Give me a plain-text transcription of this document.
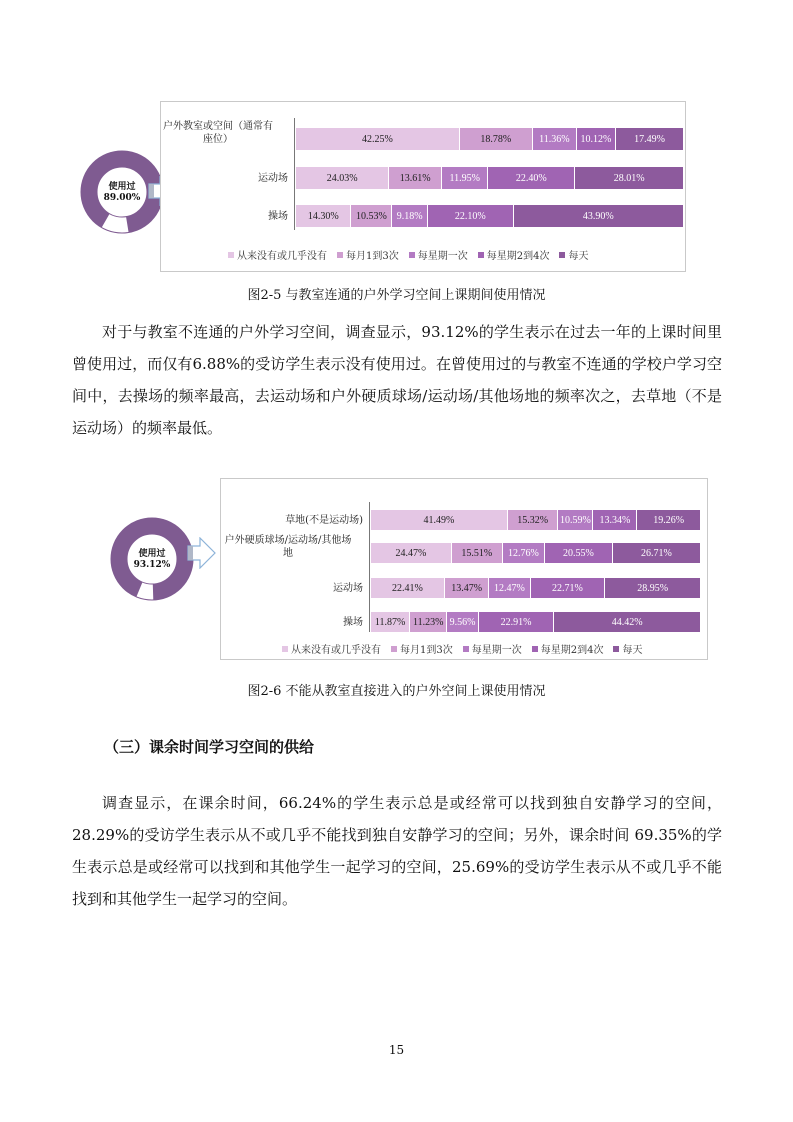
使用过
89.00%
户外教室或空间（通常有
座位）	42.25%	18.78%	11.36% 10.12% 17.49%
运动场	24.03%	13.61% 11.95%	22.40%	28.01%
操场 14.30% 10.53% 9.18%	22.10%	43.90%
从来没有或几乎没有 每月1到3次 每星期一次 每星期2到4次 每天
图2-5 与教室连通的户外学习空间上课期间使用情况
对于与教室不连通的户外学习空间，调查显示，93.12%的学生表示在过去一年的上课时间里曾使用过，而仅有6.88%的受访学生表示没有使用过。在曾使用过的与教室不连通的学校户学习空间中，去操场的频率最高，去运动场和户外硬质球场/运动场/其他场地的频率次之，去草地（不是运动场）的频率最低。
使用过
93.12%
草地(不是运动场)	41.49%	15.32% 10.59% 13.34% 19.26%
户外硬质球场/运动场/其他场
地	24.47%	15.51% 12.76% 20.55%	26.71%
运动场	22.41%	13.47% 12.47%	22.71%	28.95%
操场 11.87% 11.23% 9.56%	22.91%	44.42%
从来没有或几乎没有 每月1到3次 每星期一次 每星期2到4次 每天
图2-6 不能从教室直接进入的户外空间上课使用情况
（三）课余时间学习空间的供给
调查显示，在课余时间，66.24%的学生表示总是或经常可以找到独自安静学习的空间，28.29%的受访学生表示从不或几乎不能找到独自安静学习的空间；另外，课余时间 69.35%的学生表示总是或经常可以找到和其他学生一起学习的空间，25.69%的受访学生表示从不或几乎不能找到和其他学生一起学习的空间。
15
